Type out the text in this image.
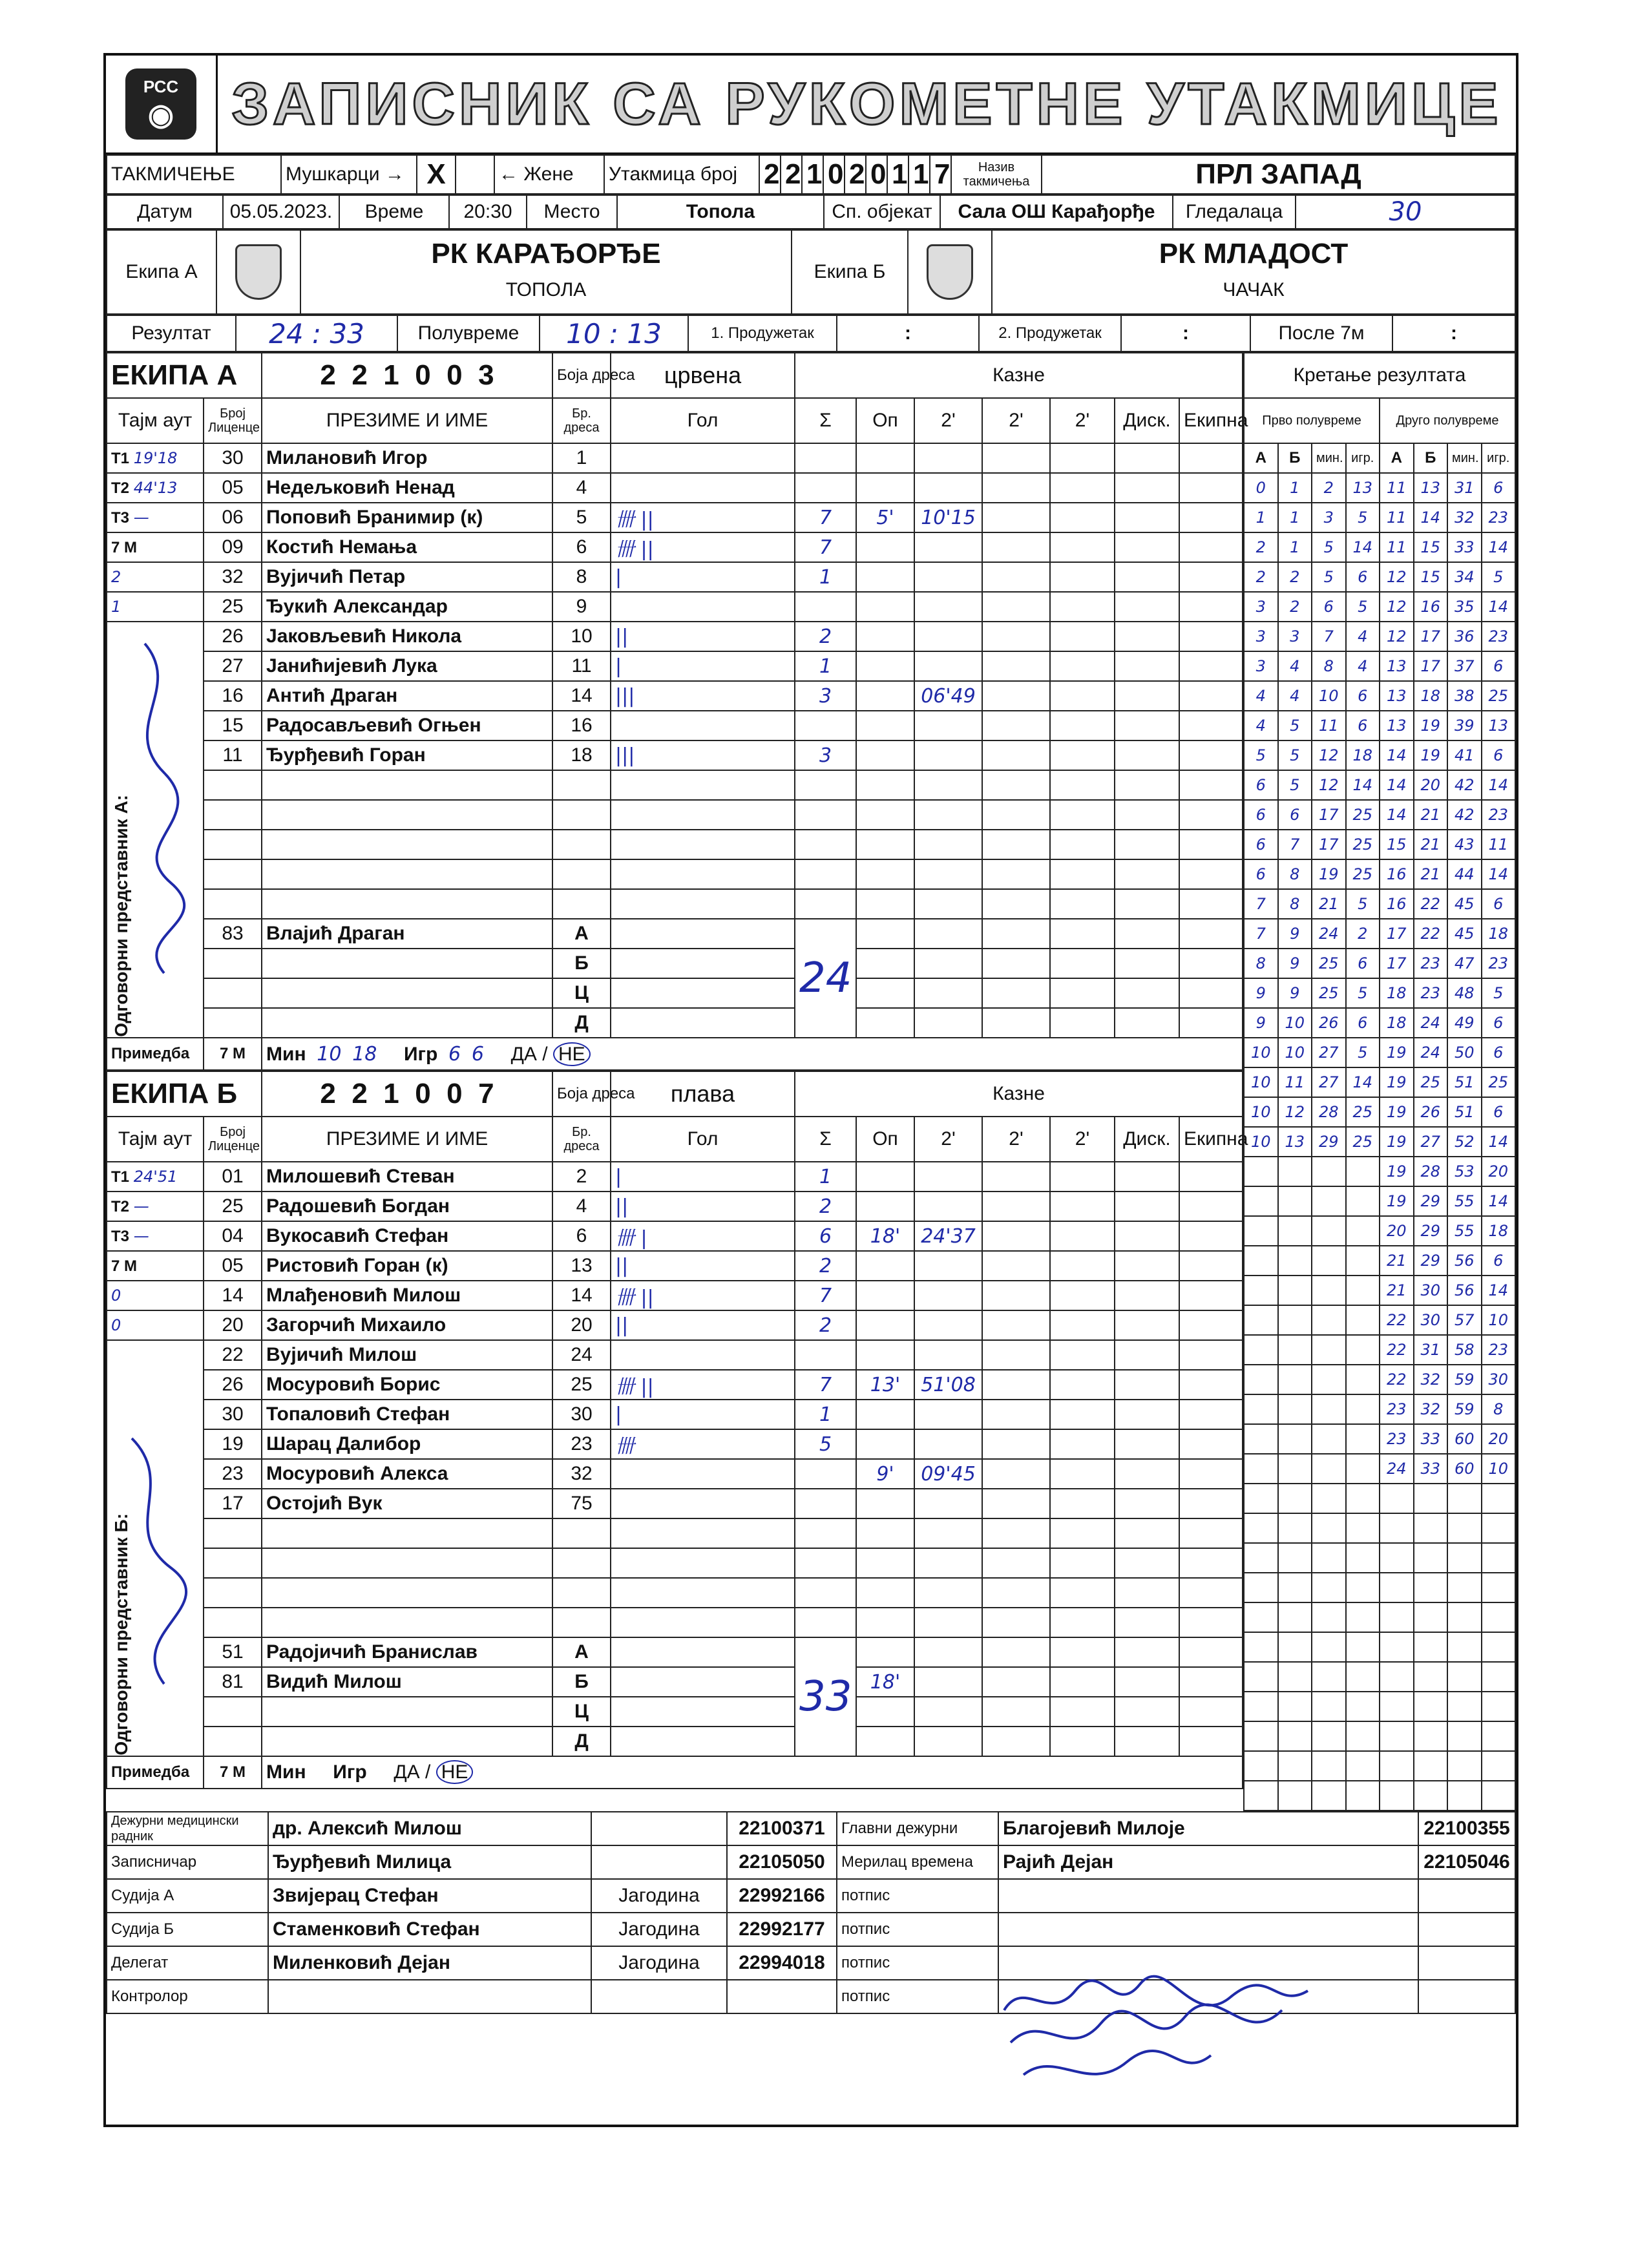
РСС
◉ ЗАПИСНИК СА РУКОМЕТНЕ УТАКМИЦЕ
ТАКМИЧЕЊЕ	Мушкарци →	X		← Жене	Утакмица број	2	2	1	0	2	0	1	1	7	Назив такмичења	ПРЛ ЗАПАД
Датум	05.05.2023.	Време	20:30	Место	Топола	Сп. објекат	Сала ОШ Карађорђе	Гледалаца	30
Екипа А		
РК КАРАЂОРЂЕ
ТОПОЛА
	Екипа Б		
РК МЛАДОСТ
ЧАЧАК
Резултат	24 : 33	Полувреме	10 : 13	1. Продужетак	:	2. Продужетак	:	После 7м	:
ЕКИПА А		2 2 1 0 0 3	Боја дреса	црвена	Казне						
Тајм аут	Број Лиценце	ПРЕЗИМЕ И ИМЕ	Бр. дреса	Гол	Σ	Оп	2'	2'	2'	Диск.	Екипна
T1 19'18	30	Милановић Игор	1								
T2 44'13	05	Недељковић Ненад	4								
T3 —	06	Поповић Бранимир (к)	5	卌 ||	7	5'	10'15				
7 M	09	Костић Немања	6	卌 ||	7						
2	32	Вујичић Петар	8	|	1						
1	25	Ђукић Александар	9								

Одговорни представник А:	26	Јаковљевић Никола	10	||	2						
	27	Јанићијевић Лука	11	|	1						
	16	Антић Драган	14	|||	3		06'49				
	15	Радосављевић Огњен	16								
	11	Ђурђевић Горан	18	|||	3						

	83	Влајић Драган	А		24						
			Б								
			Ц								
			Д								
Примедба	7 М	Мин 10 18 Игр 6 6 ДА / НЕ									
ЕКИПА Б		2 2 1 0 0 7	Боја дреса	плава	Казне						
Тајм аут	Број Лиценце	ПРЕЗИМЕ И ИМЕ	Бр. дреса	Гол	Σ	Оп	2'	2'	2'	Диск.	Екипна
T1 24'51	01	Милошевић Стеван	2	|	1						
T2 —	25	Радошевић Богдан	4	||	2						
T3 —	04	Вукосавић Стефан	6	卌 |	6	18'	24'37				
7 M	05	Ристовић Горан (к)	13	||	2						
0	14	Млађеновић Милош	14	卌 ||	7						
0	20	Загорчић Михаило	20	||	2						

Одговорни представник Б:	22	Вујичић Милош	24								
	26	Мосуровић Борис	25	卌 ||	7	13'	51'08				
	30	Топаловић Стефан	30	|	1						
	19	Шарац Далибор	23	卌	5						
	23	Мосуровић Алекса	32			9'	09'45				
	17	Остојић Вук	75								

	51	Радојичић Бранислав	А		33						
	81	Видић Милош	Б			18'					
			Ц								
			Д								
Примедба	7 М	Мин Игр ДА / НЕ									
Кретање резултата							
Прво полувреме				Друго полувреме			
А	Б	мин.	игр.	А	Б	мин.	игр.
0	1	2	13	11	13	31	6
1	1	3	5	11	14	32	23
2	1	5	14	11	15	33	14
2	2	5	6	12	15	34	5
3	2	6	5	12	16	35	14
3	3	7	4	12	17	36	23
3	4	8	4	13	17	37	6
4	4	10	6	13	18	38	25
4	5	11	6	13	19	39	13
5	5	12	18	14	19	41	6
6	5	12	14	14	20	42	14
6	6	17	25	14	21	42	23
6	7	17	25	15	21	43	11
6	8	19	25	16	21	44	14
7	8	21	5	16	22	45	6
7	9	24	2	17	22	45	18
8	9	25	6	17	23	47	23
9	9	25	5	18	23	48	5
9	10	26	6	18	24	49	6
10	10	27	5	19	24	50	6
10	11	27	14	19	25	51	25
10	12	28	25	19	26	51	6
10	13	29	25	19	27	52	14
				19	28	53	20
				19	29	55	14
				20	29	55	18
				21	29	56	6
				21	30	56	14
				22	30	57	10
				22	31	58	23
				22	32	59	30
				23	32	59	8
				23	33	60	20
				24	33	60	10

Дежурни медицински радник	др. Алексић Милош		22100371	Главни дежурни	Благојевић Милоје	22100355
Записничар	Ђурђевић Милица		22105050	Мерилац времена	Рајић Дејан	22105046
Судија А	Звијерац Стефан	Јагодина	22992166	потпис		
Судија Б	Стаменковић Стефан	Јагодина	22992177	потпис		
Делегат	Миленковић Дејан	Јагодина	22994018	потпис		
Контролор				потпис		
